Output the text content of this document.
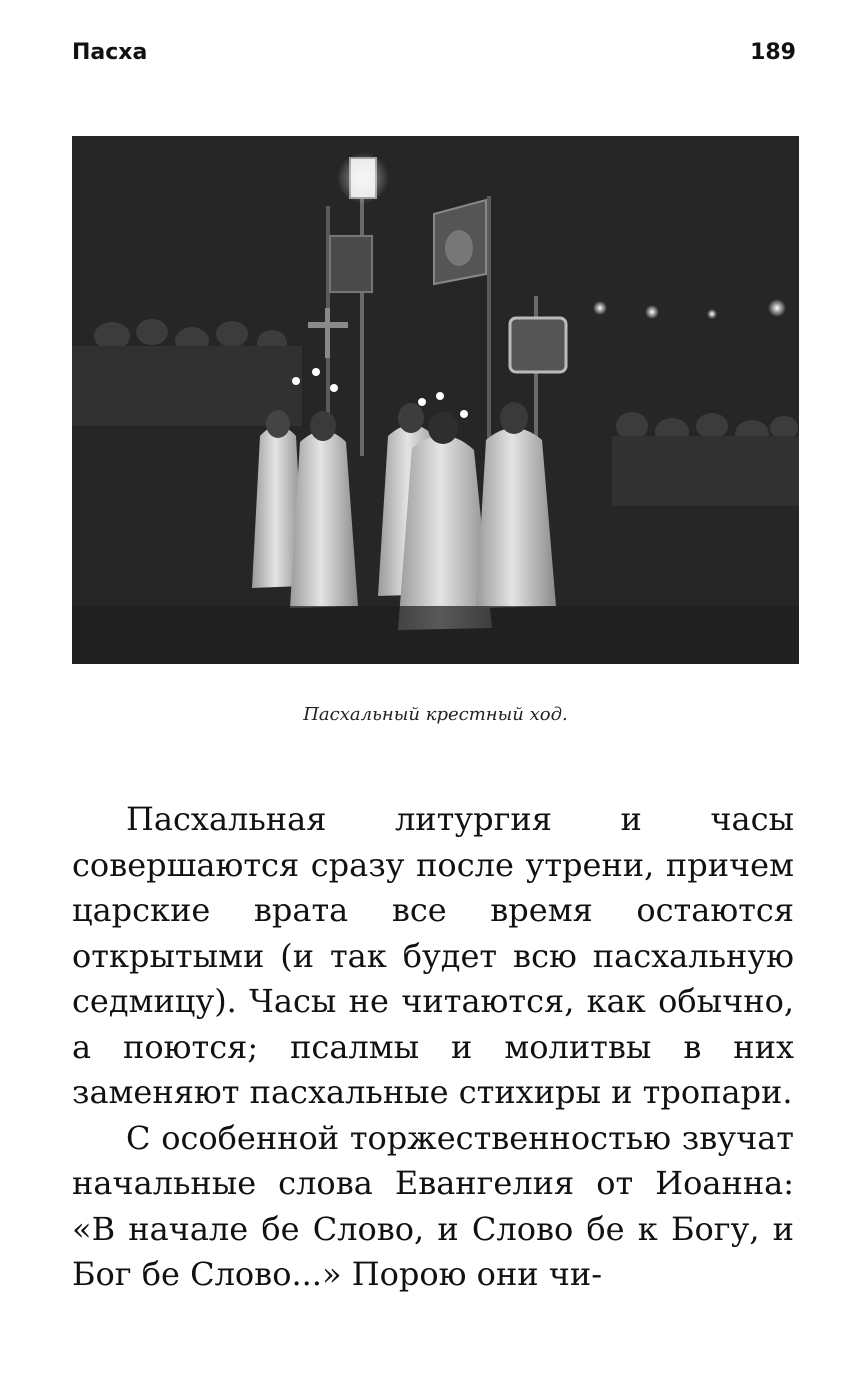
Пасха	189
Пасхальный крестный ход.

Пасхальная литургия и часы совершаются сразу после утрени, причем царские врата все время остаются открытыми (и так будет всю пасхальную седмицу). Часы не читаются, как обычно, а поются; псалмы и молитвы в них заменяют пасхальные стихиры и тропари.

С особенной торжественностью звучат начальные слова Евангелия от Иоанна: «В начале бе Слово, и Слово бе к Богу, и Бог бе Слово...» Порою они чи-
